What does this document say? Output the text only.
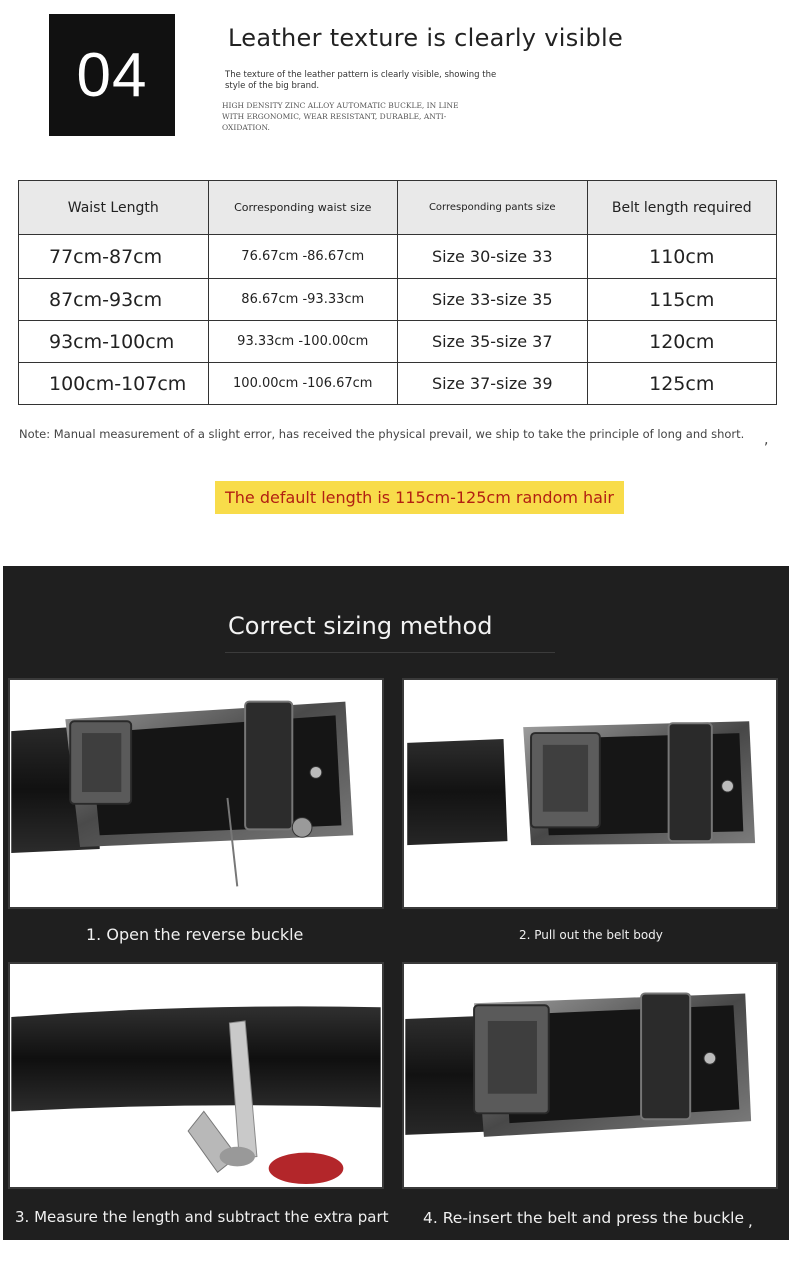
04
Leather texture is clearly visible
The texture of the leather pattern is clearly visible, showing the style of the big brand.
HIGH DENSITY ZINC ALLOY AUTOMATIC BUCKLE, IN LINE WITH ERGONOMIC, WEAR RESISTANT, DURABLE, ANTI-OXIDATION.
Waist Length	Corresponding waist size	Corresponding pants size	Belt length required
77cm-87cm	76.67cm -86.67cm	Size 30-size 33	110cm
87cm-93cm	86.67cm -93.33cm	Size 33-size 35	115cm
93cm-100cm	93.33cm -100.00cm	Size 35-size 37	120cm
100cm-107cm	100.00cm -106.67cm	Size 37-size 39	125cm
Note: Manual measurement of a slight error, has received the physical prevail, we ship to take the principle of long and short. ,
The default length is 115cm-125cm random hair
Correct sizing method
1. Open the reverse buckle	2. Pull out the belt body
3. Measure the length and subtract the extra part 4. Re-insert the belt and press the buckle ,
